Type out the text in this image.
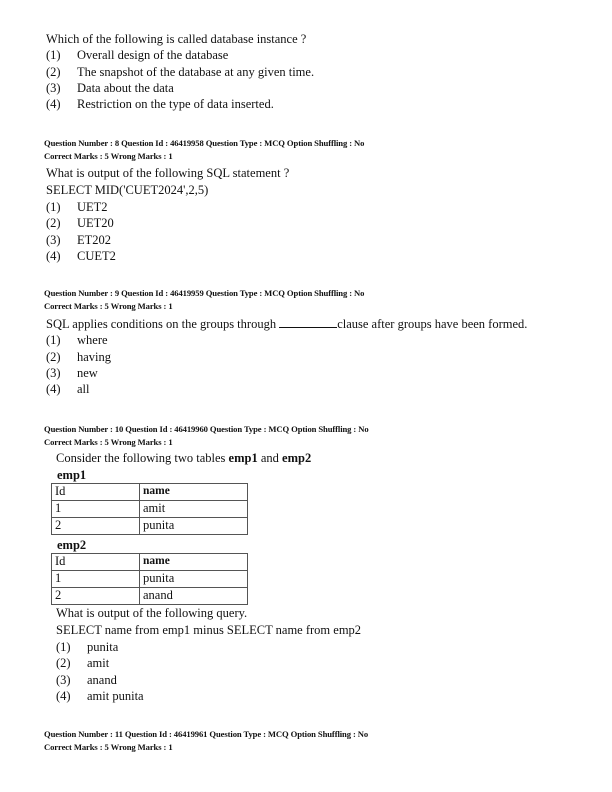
Which of the following is called database instance ?
(1) Overall design of the database
(2) The snapshot of the database at any given time.
(3) Data about the data
(4) Restriction on the type of data inserted.
Question Number : 8 Question Id : 46419958 Question Type : MCQ Option Shuffling : No
Correct Marks : 5 Wrong Marks : 1
What is output of the following SQL statement ?
SELECT MID('CUET2024',2,5)
(1) UET2
(2) UET20
(3) ET202
(4) CUET2
Question Number : 9 Question Id : 46419959 Question Type : MCQ Option Shuffling : No
Correct Marks : 5 Wrong Marks : 1
SQL applies conditions on the groups through	clause after groups have been formed.
(1) where
(2) having
(3) new
(4) all
Question Number : 10 Question Id : 46419960 Question Type : MCQ Option Shuffling : No
Correct Marks : 5 Wrong Marks : 1
Consider the following two tables emp1 and emp2
emp1
Id	name
1	amit
2	punita
emp2
Id	name
1	punita
2	anand
What is output of the following query.
SELECT name from emp1 minus SELECT name from emp2
(1) punita
(2) amit
(3) anand
(4) amit punita
Question Number : 11 Question Id : 46419961 Question Type : MCQ Option Shuffling : No
Correct Marks : 5 Wrong Marks : 1
